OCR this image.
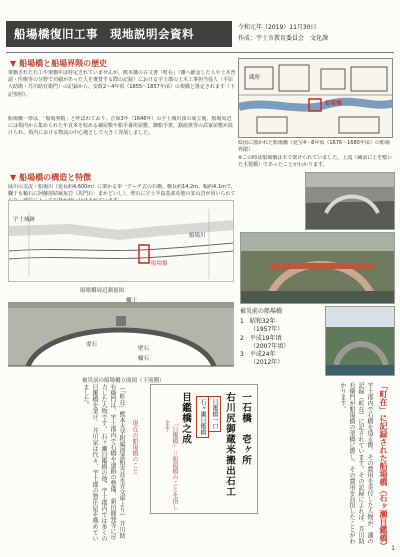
船場橋復旧工事　現地説明会資料	令和元年（2019）11月30日
作成：宇土市教育委員会　文化課
▼ 船場橋と船場界隈の歴史
架橋された石工や架橋年は特定されていませんが、熊本藩の古文書『町在』（藩へ献金した人や土木普請・医療等の分野で功績があった人を褒賞する際の記録）における宇土郡の土木工事担当役人（平原大助勘・芥川助有衛門）の記録から、安政2〜4年頃（1855〜1857年頃）の架橋と推定されます（下記参照）。
船場橋一帯は、「船場界隈」と呼ばれており、正保3年（1646年）の宇土城川湊の成立後、船場周辺には領内から集められた年貢米を収める蔵屋敷や船手番所屋敷、御船手衆、鉄砲衆等の武家屋敷が設けられ、領内における物流の中心地として大きく発展しました。
船場橋
蔵所
絵図に描かれた船場橋（延宝4〜8年頃（1676〜1680年頃）の船場界隈）
※この時は船場橋は木で架けられていました。上流（蔵前に土を敷いた木製橋）であったことがわかります。
▼ 船場橋の構造と特徴
緑川の支流・船場川（延長約4,600m）に架かる単一アーチ式の石橋。橋長約14.2m、幅約4.1mで、欄干も輪石に阿蘇溶結凝灰岩（馬門石：まかどいし）、壁石に宇土半島基部産地の安山岩が用いられて
船場橋
宇土城跡
船場川
船場橋周辺測量図
欄干
要石
壁石
輪石
被災前の船場橋立面図（下流側）
被災前の船場橋
1　 昭和32年
（1957年）
2　 平成19年頃
（2007年頃）
3　 平成24年
（2012年）
「町在」に記録された船場橋（石ヶ瀬目鑑橋）
宇土郡内で石橋を造る際、その費用を寄付した人物が、藩の記録（町在）に記されています。その記録によれば、芥川助有衛門が船場橋の架橋に際し、その費用を負担したことがわかります。
一石橋　壱ヶ所
右川尻御蔵米搬出石工
目鑑橋之成	目鑑橋一口
石ヶ瀬目鑑橋
「目鑑橋」＝眼鏡橋のことを指します
現在の船場橋のこと
（「町在」熊本大学附属図書館寄託永青文庫より） 芥川助有衛門は、宇土郡内で石橋や道路の整備、新田開発等に尽力した人物です。 石ヶ瀬目鑑橋の他、宇土郡内では多くの目鑑橋を架け、 芥川家は代々、宇土郡の惣庄屋を務めていました。
1
